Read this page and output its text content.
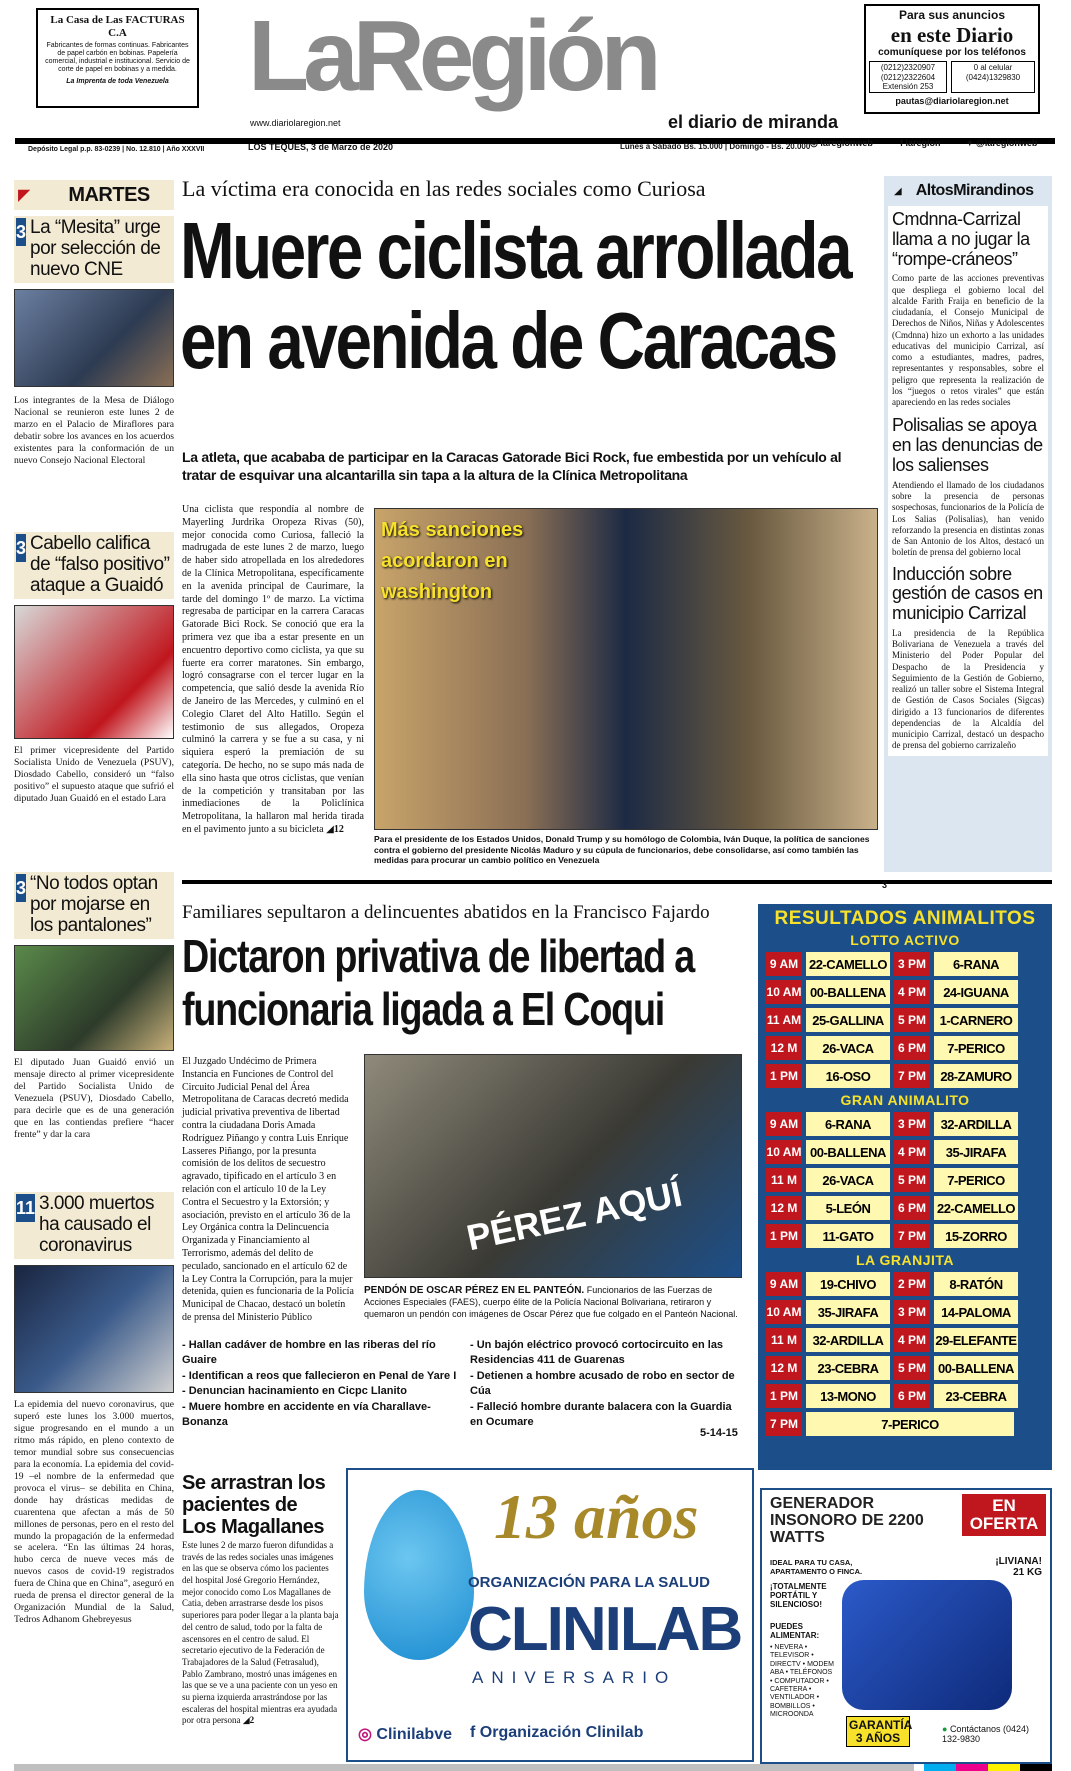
La Casa de Las FACTURAS C.A
Fabricantes de formas continuas. Fabricantes de papel carbón en bobinas. Papelería comercial, industrial e institucional. Servicio de corte de papel en bobinas y a medida.
La Imprenta de toda Venezuela LaRegión
www.diariolaregion.net	el diario de miranda
Para sus anuncios
en este Diario
comuníquese por los teléfonos
(0212)2320907 (0212)2322604 Extensión 253
0 al celular (0424)1329830
pautas@diariolaregion.net
Depósito Legal p.p. 83-0239 | No. 12.810 | Año XXXVII	LOS TEQUES, 3 de Marzo de 2020	Lunes a Sábado Bs. 15.000 | Domingo - Bs. 20.000 ◎ laregionweb	f laregion	✦ @laregionweb
◤ MARTES
3 La “Mesita” urge por selección de nuevo CNE
Los integrantes de la Mesa de Diálogo Nacional se reunieron este lunes 2 de marzo en el Palacio de Miraflores para debatir sobre los avances en los acuerdos existentes para la conformación de un nuevo Consejo Nacional Electoral
3 Cabello califica de “falso positivo” ataque a Guaidó
El primer vicepresidente del Partido Socialista Unido de Venezuela (PSUV), Diosdado Cabello, consideró un “falso positivo” el supuesto ataque que sufrió el diputado Juan Guaidó en el estado Lara
3 “No todos optan por mojarse en los pantalones”
El diputado Juan Guaidó envió un mensaje directo al primer vicepresidente del Partido Socialista Unido de Venezuela (PSUV), Diosdado Cabello, para decirle que es de una generación que en las contiendas prefiere “hacer frente” y dar la cara
11 3.000 muertos ha causado el coronavirus
La epidemia del nuevo coronavirus, que superó este lunes los 3.000 muertos, sigue progresando en el mundo a un ritmo más rápido, en pleno contexto de temor mundial sobre sus consecuencias para la economía. La epidemia del covid-19 –el nombre de la enfermedad que provoca el virus– se debilita en China, donde hay drásticas medidas de cuarentena que afectan a más de 50 millones de personas, pero en el resto del mundo la propagación de la enfermedad se acelera. “En las últimas 24 horas, hubo cerca de nueve veces más de nuevos casos de covid-19 registrados fuera de China que en China”, aseguró en rueda de prensa el director general de la Organización Mundial de la Salud, Tedros Adhanom Ghebreyesus
La víctima era conocida en las redes sociales como Curiosa
Muere ciclista arrollada en avenida de Caracas
La atleta, que acababa de participar en la Caracas Gatorade Bici Rock, fue embestida por un vehículo al tratar de esquivar una alcantarilla sin tapa a la altura de la Clínica Metropolitana
Una ciclista que respondía al nombre de Mayerling Jurdrika Oropeza Rivas (50), mejor conocida como Curiosa, falleció la madrugada de este lunes 2 de marzo, luego de haber sido atropellada en los alrededores de la Clínica Metropolitana, específicamente en la avenida principal de Caurimare, la tarde del domingo 1º de marzo. La víctima regresaba de participar en la carrera Caracas Gatorade Bici Rock. Se conoció que era la primera vez que iba a estar presente en un encuentro deportivo como ciclista, ya que su fuerte era correr maratones. Sin embargo, logró consagrarse con el tercer lugar en la competencia, que salió desde la avenida Río de Janeiro de las Mercedes, y culminó en el Colegio Claret del Alto Hatillo. Según el testimonio de sus allegados, Oropeza culminó la carrera y se fue a su casa, y ni siquiera esperó la premiación de su categoría. De hecho, no se supo más nada de ella sino hasta que otros ciclistas, que venían de la competición y transitaban por las inmediaciones de la Policlínica Metropolitana, la hallaron mal herida tirada en el pavimento junto a su bicicleta ◢12
Más sanciones acordaron en washington
Para el presidente de los Estados Unidos, Donald Trump y su homólogo de Colombia, Iván Duque, la política de sanciones contra el gobierno del presidente Nicolás Maduro y su cúpula de funcionarios, debe consolidarse, así como también las medidas para procurar un cambio político en Venezuela
3
◢ AltosMirandinos
Cmdnna-Carrizal llama a no jugar la “rompe-cráneos”
Como parte de las acciones preventivas que despliega el gobierno local del alcalde Farith Fraija en beneficio de la ciudadanía, el Consejo Municipal de Derechos de Niños, Niñas y Adolescentes (Cmdnna) hizo un exhorto a las unidades educativas del municipio Carrizal, así como a estudiantes, madres, padres, representantes y responsables, sobre el peligro que representa la realización de los “juegos o retos virales” que están apareciendo en las redes sociales
Polisalias se apoya en las denuncias de los salienses
Atendiendo el llamado de los ciudadanos sobre la presencia de personas sospechosas, funcionarios de la Policía de Los Salias (Polisalias), han venido reforzando la presencia en distintas zonas de San Antonio de los Altos, destacó un boletín de prensa del gobierno local
Inducción sobre gestión de casos en municipio Carrizal
La presidencia de la República Bolivariana de Venezuela a través del Ministerio del Poder Popular del Despacho de la Presidencia y Seguimiento de la Gestión de Gobierno, realizó un taller sobre el Sistema Integral de Gestión de Casos Sociales (Sigcas) dirigido a 13 funcionarios de diferentes dependencias de la Alcaldía del municipio Carrizal, destacó un despacho de prensa del gobierno carrizaleño
Familiares sepultaron a delincuentes abatidos en la Francisco Fajardo
Dictaron privativa de libertad a funcionaria ligada a El Coqui
El Juzgado Undécimo de Primera Instancia en Funciones de Control del Circuito Judicial Penal del Área Metropolitana de Caracas decretó medida judicial privativa preventiva de libertad contra la ciudadana Doris Amada Rodríguez Piñango y contra Luis Enrique Lasseres Piñango, por la presunta comisión de los delitos de secuestro agravado, tipificado en el artículo 3 en relación con el artículo 10 de la Ley Contra el Secuestro y la Extorsión; y asociación, previsto en el artículo 36 de la Ley Orgánica contra la Delincuencia Organizada y Financiamiento al Terrorismo, además del delito de peculado, sancionado en el artículo 62 de la Ley Contra la Corrupción, para la mujer detenida, quien es funcionaria de la Policía Municipal de Chacao, destacó un boletín de prensa del Ministerio Público
PÉREZ AQUÍ
PENDÓN DE OSCAR PÉREZ EN EL PANTEÓN. Funcionarios de las Fuerzas de Acciones Especiales (FAES), cuerpo élite de la Policía Nacional Bolivariana, retiraron y quemaron un pendón con imágenes de Oscar Pérez que fue colgado en el Panteón Nacional.
- Hallan cadáver de hombre en las riberas del río Guaire
- Identifican a reos que fallecieron en Penal de Yare I
- Denuncian hacinamiento en Cicpc Llanito
- Muere hombre en accidente en vía Charallave-Bonanza
- Un bajón eléctrico provocó cortocircuito en las Residencias 411 de Guarenas
- Detienen a hombre acusado de robo en sector de Cúa
- Falleció hombre durante balacera con la Guardia en Ocumare
5-14-15
RESULTADOS ANIMALITOS
LOTTO ACTIVO
9 AM 22-CAMELLO 3 PM	6-RANA
10 AM 00-BALLENA	4 PM	24-IGUANA
11 AM 25-GALLINA	5 PM	1-CARNERO
12 M	26-VACA	6 PM	7-PERICO
1 PM	16-OSO	7 PM	28-ZAMURO
GRAN ANIMALITO
9 AM	6-RANA	3 PM	32-ARDILLA
10 AM 00-BALLENA	4 PM	35-JIRAFA
11 M	26-VACA	5 PM	7-PERICO
12 M	5-LEÓN	6 PM 22-CAMELLO
1 PM	11-GATO	7 PM	15-ZORRO
LA GRANJITA
9 AM	19-CHIVO	2 PM	8-RATÓN
10 AM	35-JIRAFA	3 PM	14-PALOMA
11 M	32-ARDILLA	4 PM 29-ELEFANTE
12 M	23-CEBRA	5 PM 00-BALLENA
1 PM	13-MONO	6 PM	23-CEBRA
7 PM	7-PERICO
Se arrastran los pacientes de Los Magallanes
Este lunes 2 de marzo fueron difundidas a través de las redes sociales unas imágenes en las que se observa cómo los pacientes del hospital José Gregorio Hernández, mejor conocido como Los Magallanes de Catia, deben arrastrarse desde los pisos superiores para poder llegar a la planta baja del centro de salud, todo por la falta de ascensores en el centro de salud. El secretario ejecutivo de la Federación de Trabajadores de la Salud (Fetrasalud), Pablo Zambrano, mostró unas imágenes en las que se ve a una paciente con un yeso en su pierna izquierda arrastrándose por las escaleras del hospital mientras era ayudada por otra persona ◢2
13 años
ORGANIZACIÓN PARA LA SALUD
CLINILAB
ANIVERSARIO
◎ Clinilabve f Organización Clinilab
GENERADOR INSONORO DE 2200 WATTS
EN OFERTA
IDEAL PARA TU CASA, APARTAMENTO O FINCA.
¡TOTALMENTE PORTÁTIL Y SILENCIOSO!
¡LIVIANA! 21 KG
PUEDES ALIMENTAR:
• NEVERA • TELEVISOR • DIRECTV • MODEM ABA • TELÉFONOS • COMPUTADOR • CAFETERA • VENTILADOR • BOMBILLOS • MICROONDA
GARANTÍA 3 AÑOS
● Contáctanos (0424) 132-9830
